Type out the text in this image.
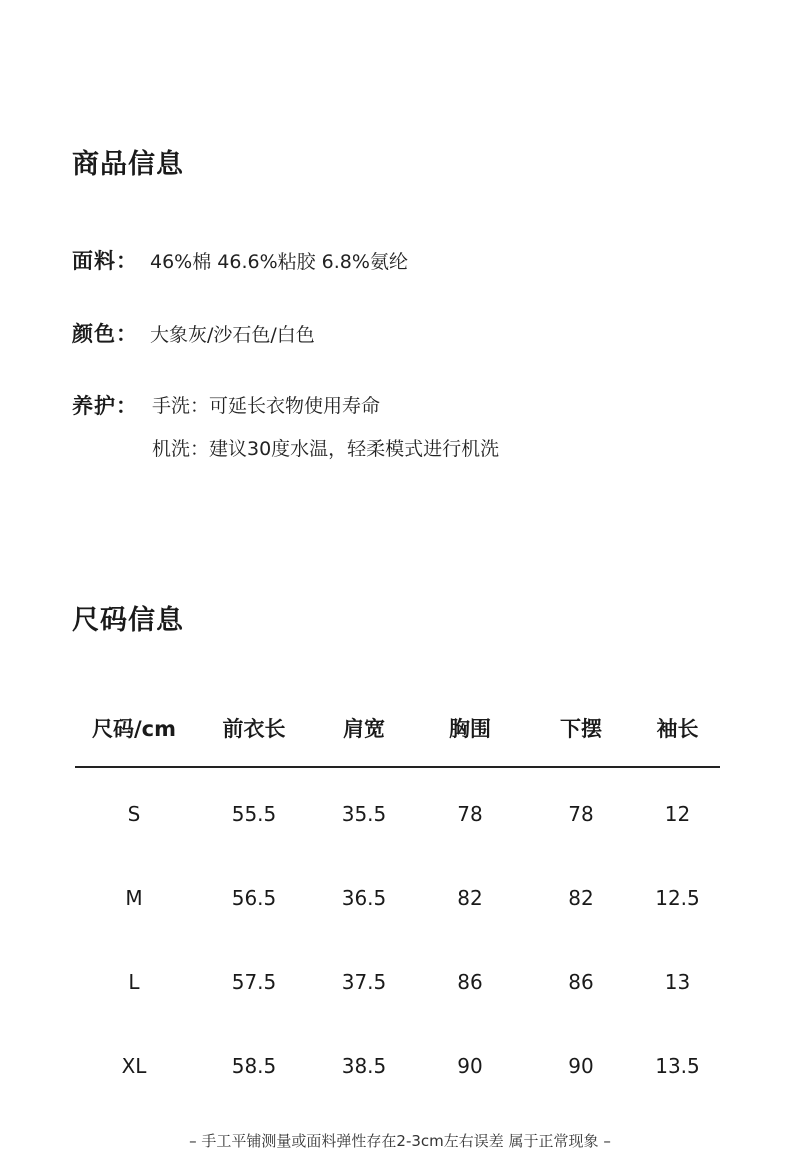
商品信息
面料： 46%棉 46.6%粘胶 6.8%氨纶
颜色： 大象灰/沙石色/白色
养护： 手洗：可延长衣物使用寿命
机洗：建议30度水温，轻柔模式进行机洗
尺码信息
尺码/cm	前衣长	肩宽	胸围	下摆	袖长
S	55.5	35.5	78	78	12
M	56.5	36.5	82	82	12.5
L	57.5	37.5	86	86	13
XL	58.5	38.5	90	90	13.5
– 手工平铺测量或面料弹性存在2-3cm左右误差 属于正常现象 –
